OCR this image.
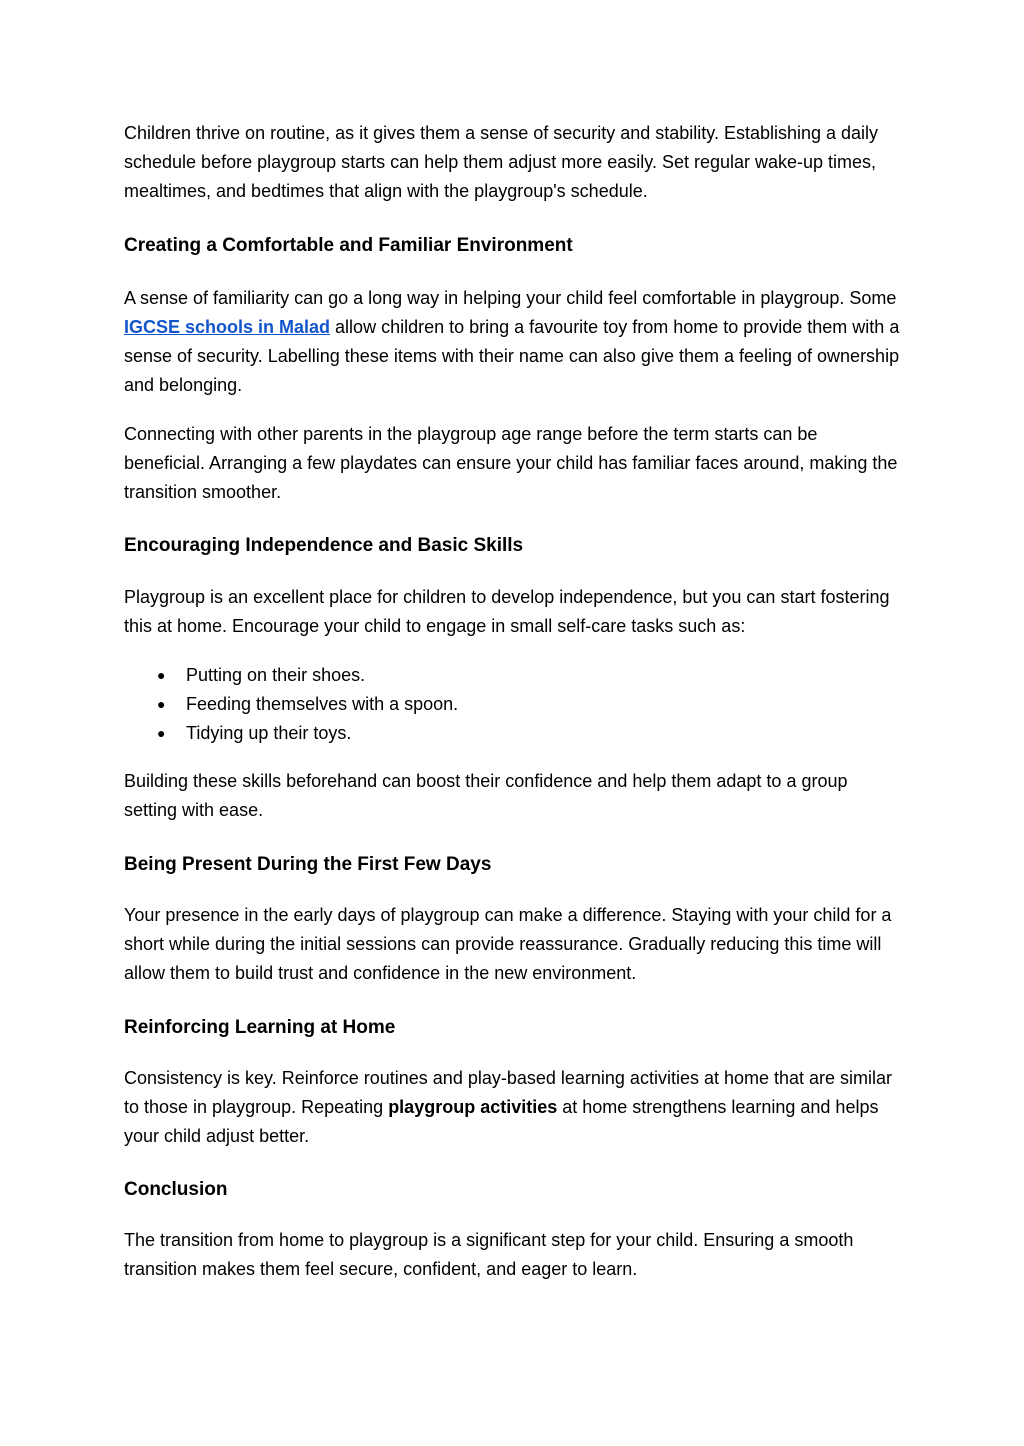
Children thrive on routine, as it gives them a sense of security and stability. Establishing a daily schedule before playgroup starts can help them adjust more easily. Set regular wake-up times, mealtimes, and bedtimes that align with the playgroup's schedule.

Creating a Comfortable and Familiar Environment

A sense of familiarity can go a long way in helping your child feel comfortable in playgroup. Some IGCSE schools in Malad allow children to bring a favourite toy from home to provide them with a sense of security. Labelling these items with their name can also give them a feeling of ownership and belonging.

Connecting with other parents in the playgroup age range before the term starts can be beneficial. Arranging a few playdates can ensure your child has familiar faces around, making the transition smoother.

Encouraging Independence and Basic Skills

Playgroup is an excellent place for children to develop independence, but you can start fostering this at home. Encourage your child to engage in small self-care tasks such as:

● Putting on their shoes.
● Feeding themselves with a spoon.
● Tidying up their toys.

Building these skills beforehand can boost their confidence and help them adapt to a group setting with ease.

Being Present During the First Few Days

Your presence in the early days of playgroup can make a difference. Staying with your child for a short while during the initial sessions can provide reassurance. Gradually reducing this time will allow them to build trust and confidence in the new environment.

Reinforcing Learning at Home

Consistency is key. Reinforce routines and play-based learning activities at home that are similar to those in playgroup. Repeating playgroup activities at home strengthens learning and helps your child adjust better.

Conclusion

The transition from home to playgroup is a significant step for your child. Ensuring a smooth transition makes them feel secure, confident, and eager to learn.
